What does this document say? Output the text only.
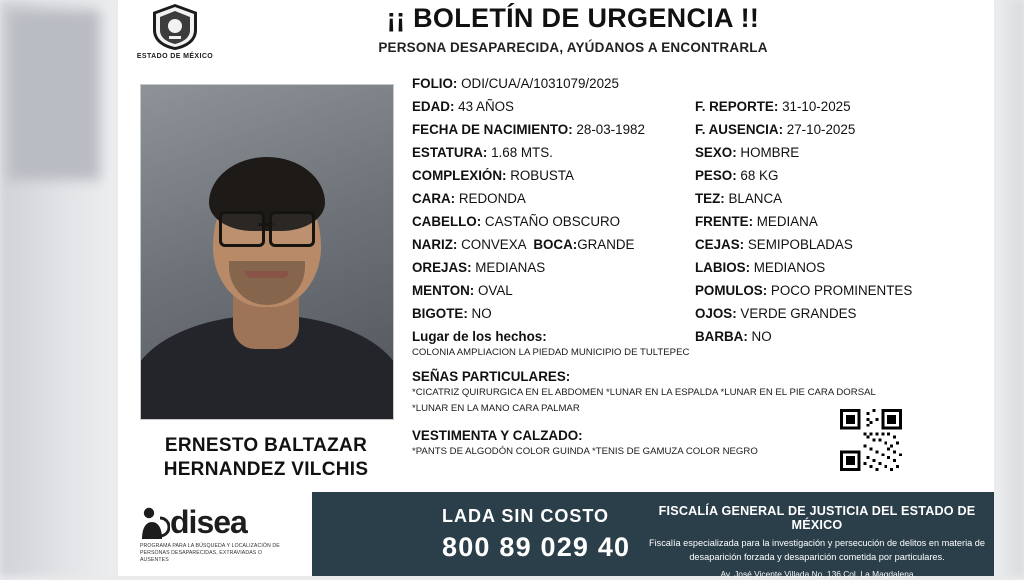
ESTADO DE MÉXICO
¡¡ BOLETÍN DE URGENCIA !!
PERSONA DESAPARECIDA, AYÚDANOS A ENCONTRARLA
ERNESTO BALTAZAR
HERNANDEZ VILCHIS
FOLIO: ODI/CUA/A/1031079/2025
EDAD: 43 AÑOS	F. REPORTE: 31-10-2025
FECHA DE NACIMIENTO: 28-03-1982	F. AUSENCIA: 27-10-2025
ESTATURA: 1.68 MTS.	SEXO: HOMBRE
COMPLEXIÓN: ROBUSTA	PESO: 68 KG
CARA: REDONDA	TEZ: BLANCA
CABELLO: CASTAÑO OBSCURO	FRENTE: MEDIANA
NARIZ: CONVEXA BOCA:GRANDE	CEJAS: SEMIPOBLADAS
OREJAS: MEDIANAS	LABIOS: MEDIANOS
MENTON: OVAL	POMULOS: POCO PROMINENTES
BIGOTE: NO	OJOS: VERDE GRANDES
Lugar de los hechos:	BARBA: NO
COLONIA AMPLIACION LA PIEDAD MUNICIPIO DE TULTEPEC
SEÑAS PARTICULARES:
*CICATRIZ QUIRURGICA EN EL ABDOMEN *LUNAR EN LA ESPALDA *LUNAR EN EL PIE CARA DORSAL
*LUNAR EN LA MANO CARA PALMAR
VESTIMENTA Y CALZADO:
*PANTS DE ALGODÓN COLOR GUINDA *TENIS DE GAMUZA COLOR NEGRO
disea
PROGRAMA PARA LA BÚSQUEDA Y LOCALIZACIÓN DE PERSONAS DESAPARECIDAS, EXTRAVIADAS O AUSENTES
LADA SIN COSTO
800 89 029 40
FISCALÍA GENERAL DE JUSTICIA DEL ESTADO DE MÉXICO
Fiscalía especializada para la investigación y persecución de delitos en materia de desaparición forzada y desaparición cometida por particulares.
Av. José Vicente Villada No. 136 Col. La Magdalena
